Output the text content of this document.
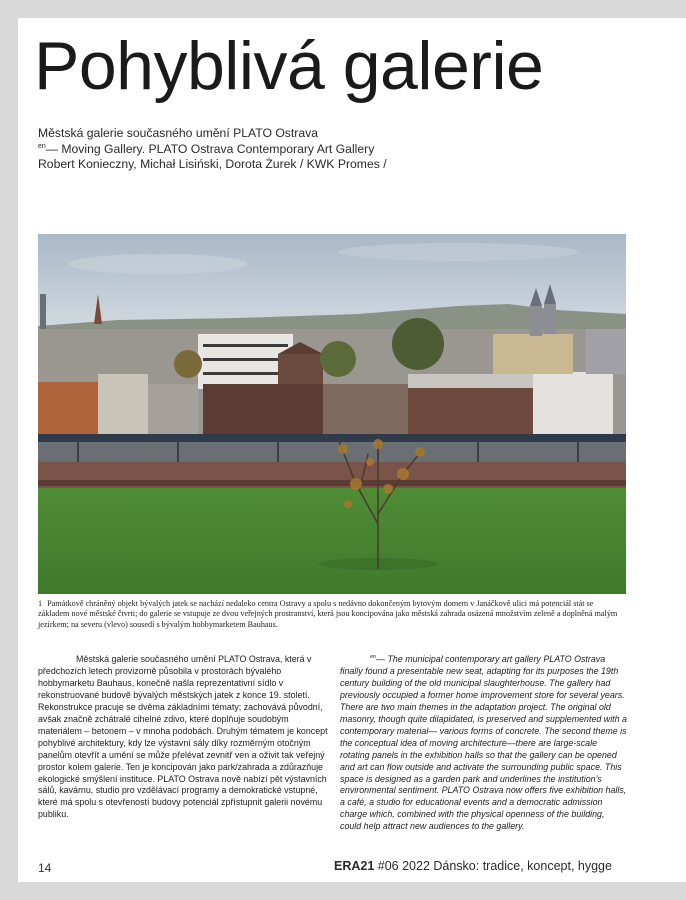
Pohyblivá galerie
Městská galerie současného umění PLATO Ostrava
$^{en}$— Moving Gallery. PLATO Ostrava Contemporary Art Gallery
Robert Konieczny, Michał Lisiński, Dorota Żurek / KWK Promes /
1 Památkově chráněný objekt bývalých jatek se nachází nedaleko centra Ostravy a spolu s nedávno dokončeným bytovým domem v Janáčkově ulici má potenciál stát se základem nové městské čtvrti; do galerie se vstupuje ze dvou veřejných prostranství, která jsou koncipována jako městská zahrada osázená množstvím zeleně a doplněná malým jezírkem; na severu (vlevo) sousedí s bývalým hobbymarketem Bauhaus.
Městská galerie současného umění PLATO Ostrava, která v předchozích letech provizorně působila v prostorách bývalého hobbymarketu Bauhaus, konečně našla reprezentativní sídlo v rekonstruované budově bývalých městských jatek z konce 19. století. Rekonstrukce pracuje se dvěma základními tématy; zachovává původní, avšak značně zchátralé cihelné zdivo, které doplňuje soudobým materiálem – betonem – v mnoha podobách. Druhým tématem je koncept pohyblivé architektury, kdy lze výstavní sály díky rozměrným otočným panelům otevřít a umění se může přelévat zevnitř ven a oživit tak veřejný prostor kolem galerie. Ten je koncipován jako park/zahrada a zdůrazňuje ekologické smýšlení instituce. PLATO Ostrava nově nabízí pět výstavních sálů, kavárnu, studio pro vzdělávací programy a demokratické vstupné, které má spolu s otevřeností budovy potenciál zpřístupnit galerii novému publiku.
$^{en}$— The municipal contemporary art gallery PLATO Ostrava finally found a presentable new seat, adapting for its purposes the 19th century building of the old municipal slaughterhouse. The gallery had previously occupied a former home improvement store for several years. There are two main themes in the adaptation project. The original old masonry, though quite dilapidated, is preserved and supplemented with a contemporary material— various forms of concrete. The second theme is the conceptual idea of moving architecture—there are large-scale rotating panels in the exhibition halls so that the gallery can be opened and art can flow outside and activate the surrounding public space. This space is designed as a garden park and underlines the institution’s environmental sentiment. PLATO Ostrava now offers five exhibition halls, a café, a studio for educational events and a democratic admission charge which, combined with the physical openness of the building, could help attract new audiences to the gallery.
14	ERA21 #06 2022 Dánsko: tradice, koncept, hygge
